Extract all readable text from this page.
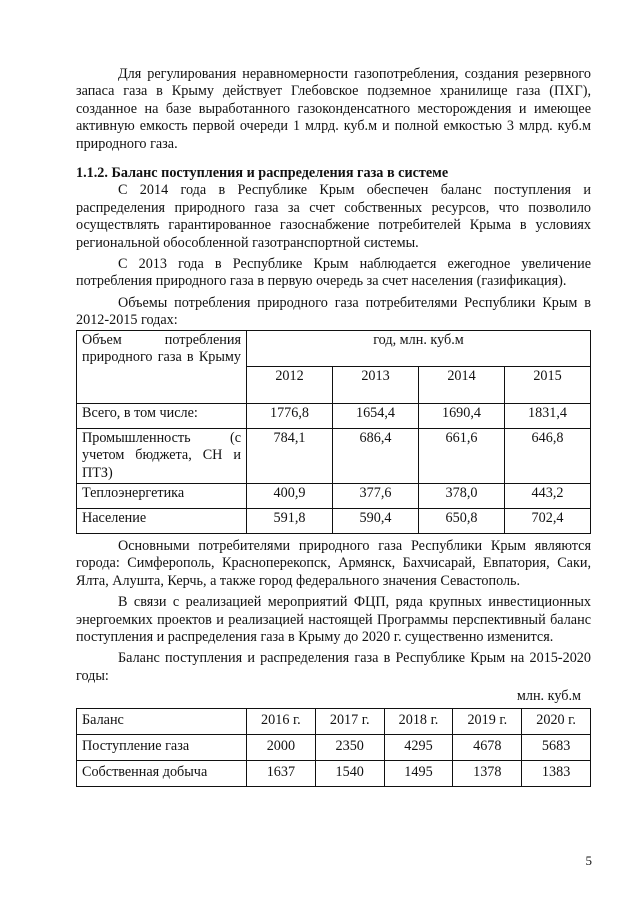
Для регулирования неравномерности газопотребления, создания резервного запаса газа в Крыму действует Глебовское подземное хранилище газа (ПХГ), созданное на базе выработанного газоконденсатного месторождения и имеющее активную емкость первой очереди 1 млрд. куб.м и полной емкостью 3 млрд. куб.м природного газа.

1.1.2. Баланс поступления и распределения газа в системе

С 2014 года в Республике Крым обеспечен баланс поступления и распределения природного газа за счет собственных ресурсов, что позволило осуществлять гарантированное газоснабжение потребителей Крыма в условиях региональной обособленной газотранспортной системы.

С 2013 года в Республике Крым наблюдается ежегодное увеличение потребления природного газа в первую очередь за счет населения (газификация).

Объемы потребления природного газа потребителями Республики Крым в 2012-2015 годах:

Объем потребления природного газа в Крыму	год, млн. куб.м			
	2012	2013	2014	2015
Всего, в том числе:	1776,8	1654,4	1690,4	1831,4
Промышленность (с учетом бюджета, СН и ПТЗ)	784,1	686,4	661,6	646,8
Теплоэнергетика	400,9	377,6	378,0	443,2
Население	591,8	590,4	650,8	702,4

Основными потребителями природного газа Республики Крым являются города: Симферополь, Красноперекопск, Армянск, Бахчисарай, Евпатория, Саки, Ялта, Алушта, Керчь, а также город федерального значения Севастополь.

В связи с реализацией мероприятий ФЦП, ряда крупных инвестиционных энергоемких проектов и реализацией настоящей Программы перспективный баланс поступления и распределения газа в Крыму до 2020 г. существенно изменится.

Баланс поступления и распределения газа в Республике Крым на 2015-2020 годы:

млн. куб.м
Баланс	2016 г.	2017 г.	2018 г.	2019 г.	2020 г.
Поступление газа	2000	2350	4295	4678	5683
Собственная добыча	1637	1540	1495	1378	1383
5
